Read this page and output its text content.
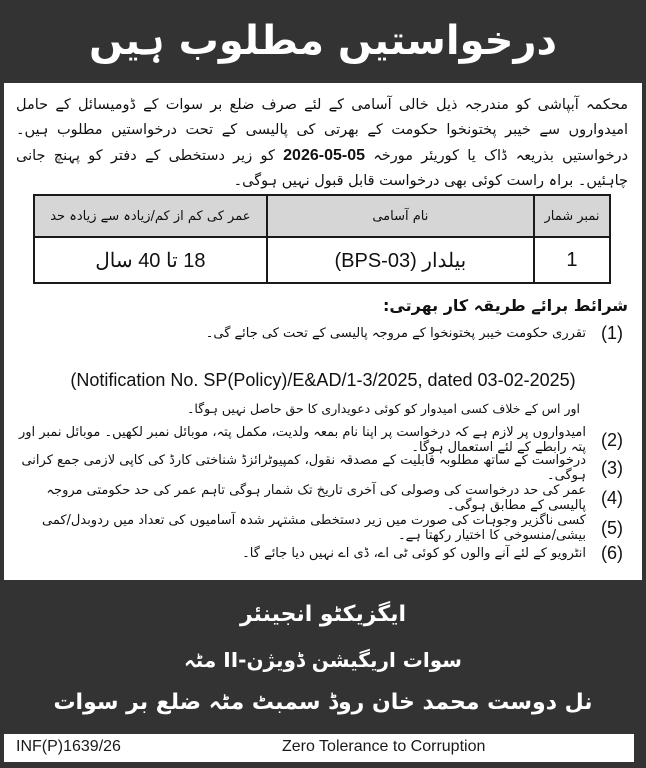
درخواستیں مطلوب ہیں
محکمہ آبپاشی کو مندرجہ ذیل خالی آسامی کے لئے صرف ضلع بر سوات کے ڈومیسائل کے حامل امیدواروں سے خیبر پختونخوا حکومت کے بھرتی کی پالیسی کے تحت درخواستیں مطلوب ہیں۔ درخواستیں بذریعہ ڈاک یا کوریئر مورخہ 05-05-2026 کو زیر دستخطی کے دفتر کو پہنچ جانی چاہئیں۔ براہ راست کوئی بھی درخواست قابل قبول نہیں ہوگی۔
نمبر شمار	نام آسامی	عمر کی کم از کم/زیادہ سے زیادہ حد
1	بیلدار (BPS-03)	18 تا 40 سال
شرائط برائے طریقہ کار بھرتی:
(1)
تقرری حکومت خیبر پختونخوا کے مروجہ پالیسی کے تحت کی جائے گی۔
(Notification No. SP(Policy)/E&AD/1-3/2025, dated 03-02-2025)
اور اس کے خلاف کسی امیدوار کو کوئی دعویداری کا حق حاصل نہیں ہوگا۔
(2)
امیدواروں پر لازم ہے کہ درخواست پر اپنا نام بمعہ ولدیت، مکمل پتہ، موبائل نمبر لکھیں۔ موبائل نمبر اور پتہ رابطے کے لئے استعمال ہوگا۔
(3)
درخواست کے ساتھ مطلوبہ قابلیت کے مصدقہ نقول، کمپیوٹرائزڈ شناختی کارڈ کی کاپی لازمی جمع کرانی ہوگی۔
(4)
عمر کی حد درخواست کی وصولی کی آخری تاریخ تک شمار ہوگی تاہم عمر کی حد حکومتی مروجہ پالیسی کے مطابق ہوگی۔
(5)
کسی ناگزیر وجوہات کی صورت میں زیر دستخطی مشتہر شدہ آسامیوں کی تعداد میں ردوبدل/کمی بیشی/منسوخی کا اختیار رکھتا ہے۔
(6)
انٹرویو کے لئے آنے والوں کو کوئی ٹی اے، ڈی اے نہیں دیا جائے گا۔
ایگزیکٹو انجینئر
سوات اریگیشن ڈویژن-II مٹہ
نل دوست محمد خان روڈ سمبٹ مٹہ ضلع بر سوات
INF(P)1639/26	Zero Tolerance to Corruption
